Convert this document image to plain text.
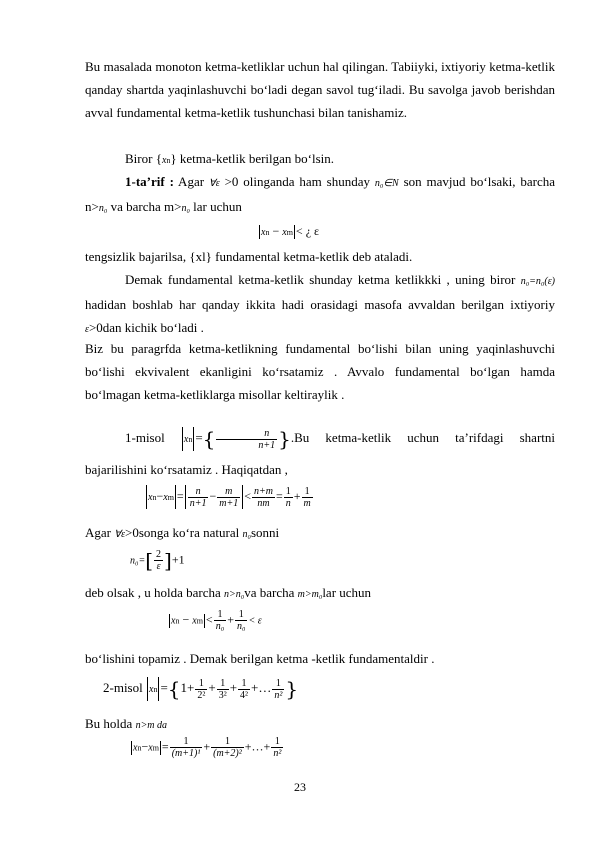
Bu masalada monoton ketma-ketliklar uchun hal qilingan. Tabiiyki, ixtiyoriy ketma-ketlik qanday shartda yaqinlashuvchi bo‘ladi degan savol tug‘iladi. Bu savolga javob berishdan avval fundamental ketma-ketlik tushunchasi bilan tanishamiz.

Biror {xn} ketma-ketlik berilgan bo‘lsin.

1-ta’rif : Agar ∀ε >0 olinganda ham shunday n₀∈N son mavjud bo‘lsaki, barcha n>n₀ va barcha m>n₀ lar uchun

xn − xm < ¿ ε

tengsizlik bajarilsa, {xl} fundamental ketma-ketlik deb ataladi.

Demak fundamental ketma-ketlik shunday ketma ketlikkki , uning biror n₀=n₀(ε) hadidan boshlab har qanday ikkita hadi orasidagi masofa avvaldan berilgan ixtiyoriy ε>0dan kichik bo‘ladi .

Biz bu paragrfda ketma-ketlikning fundamental bo‘lishi bilan uning yaqinlashuvchi bo‘lishi ekvivalent ekanligini ko‘rsatamiz . Avvalo fundamental bo‘lgan hamda bo‘lmagan ketma-ketliklarga misollar keltiraylik .

1-misol xn ={ $\frac{n}{n+1} \}.Bu$ ketma-ketlik uchun ta’rifdagi shartni bajarilishini ko‘rsatamiz . Haqiqatdan ,

$xn-xm = \frac{n}{n+1} - \frac{m}{m+1} < \frac{n+m}{nm} = \frac{1}{n} + \frac{1}{m}$

Agar ∀ε>0songa ko‘ra natural n₀sonni

$n_0=[ \frac{2}{\varepsilon} ]+1$

deb olsak , u holda barcha n>n₀va barcha m>m₀lar uchun

xn − xm < $\frac{1}{\text{n₀}} + \frac{1}{\text{n₀}} < \varepsilon$

bo‘lishini topamiz . Demak berilgan ketma -ketlik fundamentaldir .

2-misol xn $=\{1+ \frac{1}{\text{2²}} + \frac{1}{\text{3²}} + \frac{1}{\text{4²}}$ +… $\frac{1}{\text{n²}}$ }

Bu holda n>m da

$xn-xm = \frac{1}{\text{(m+1)¹}} + \frac{1}{\text{(m+2)²}}$ +…+ $\frac{1}{\text{n²}}$
23
